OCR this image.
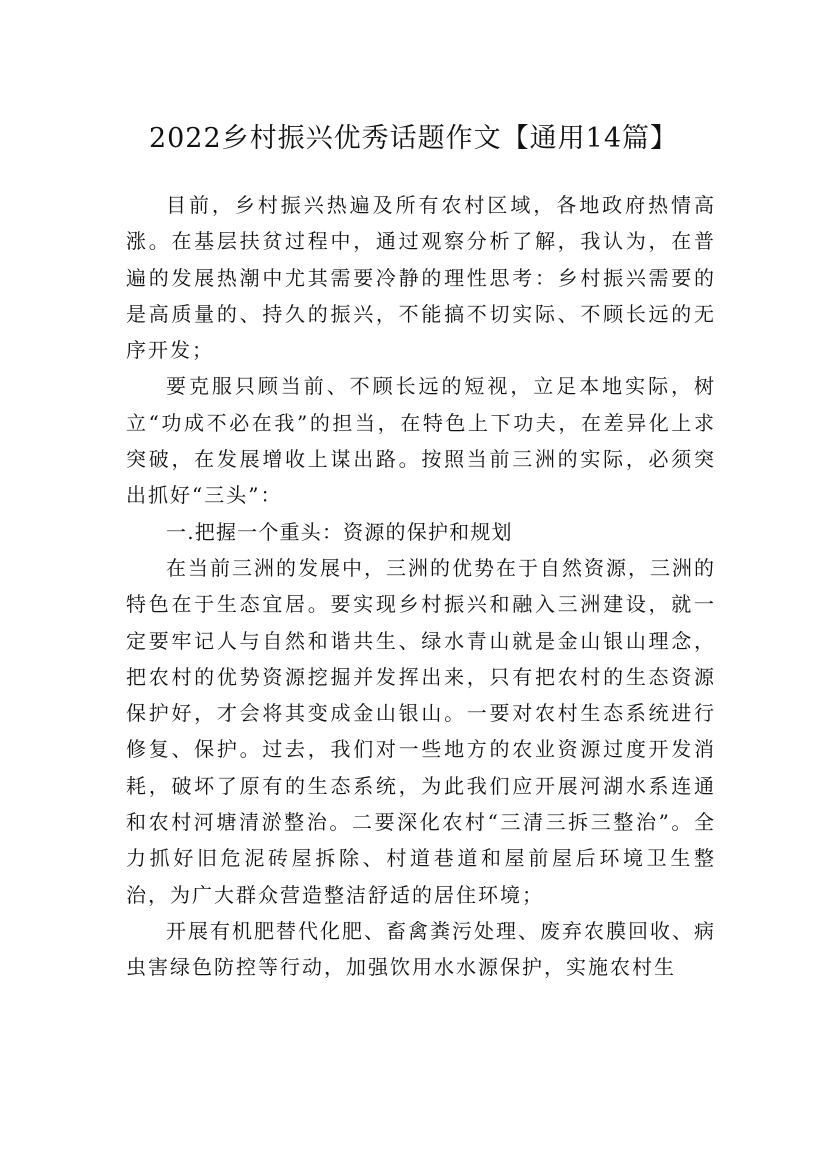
2022乡村振兴优秀话题作文【通用14篇】

目前，乡村振兴热遍及所有农村区域，各地政府热情高涨。在基层扶贫过程中，通过观察分析了解，我认为，在普遍的发展热潮中尤其需要冷静的理性思考：乡村振兴需要的是高质量的、持久的振兴，不能搞不切实际、不顾长远的无序开发；

要克服只顾当前、不顾长远的短视，立足本地实际，树立“功成不必在我”的担当，在特色上下功夫，在差异化上求突破，在发展增收上谋出路。按照当前三洲的实际，必须突出抓好“三头”：

一.把握一个重头：资源的保护和规划

在当前三洲的发展中，三洲的优势在于自然资源，三洲的特色在于生态宜居。要实现乡村振兴和融入三洲建设，就一定要牢记人与自然和谐共生、绿水青山就是金山银山理念，把农村的优势资源挖掘并发挥出来，只有把农村的生态资源保护好，才会将其变成金山银山。一要对农村生态系统进行修复、保护。过去，我们对一些地方的农业资源过度开发消耗，破坏了原有的生态系统，为此我们应开展河湖水系连通和农村河塘清淤整治。二要深化农村“三清三拆三整治”。全力抓好旧危泥砖屋拆除、村道巷道和屋前屋后环境卫生整治，为广大群众营造整洁舒适的居住环境；

开展有机肥替代化肥、畜禽粪污处理、废弃农膜回收、病虫害绿色防控等行动，加强饮用水水源保护，实施农村生
